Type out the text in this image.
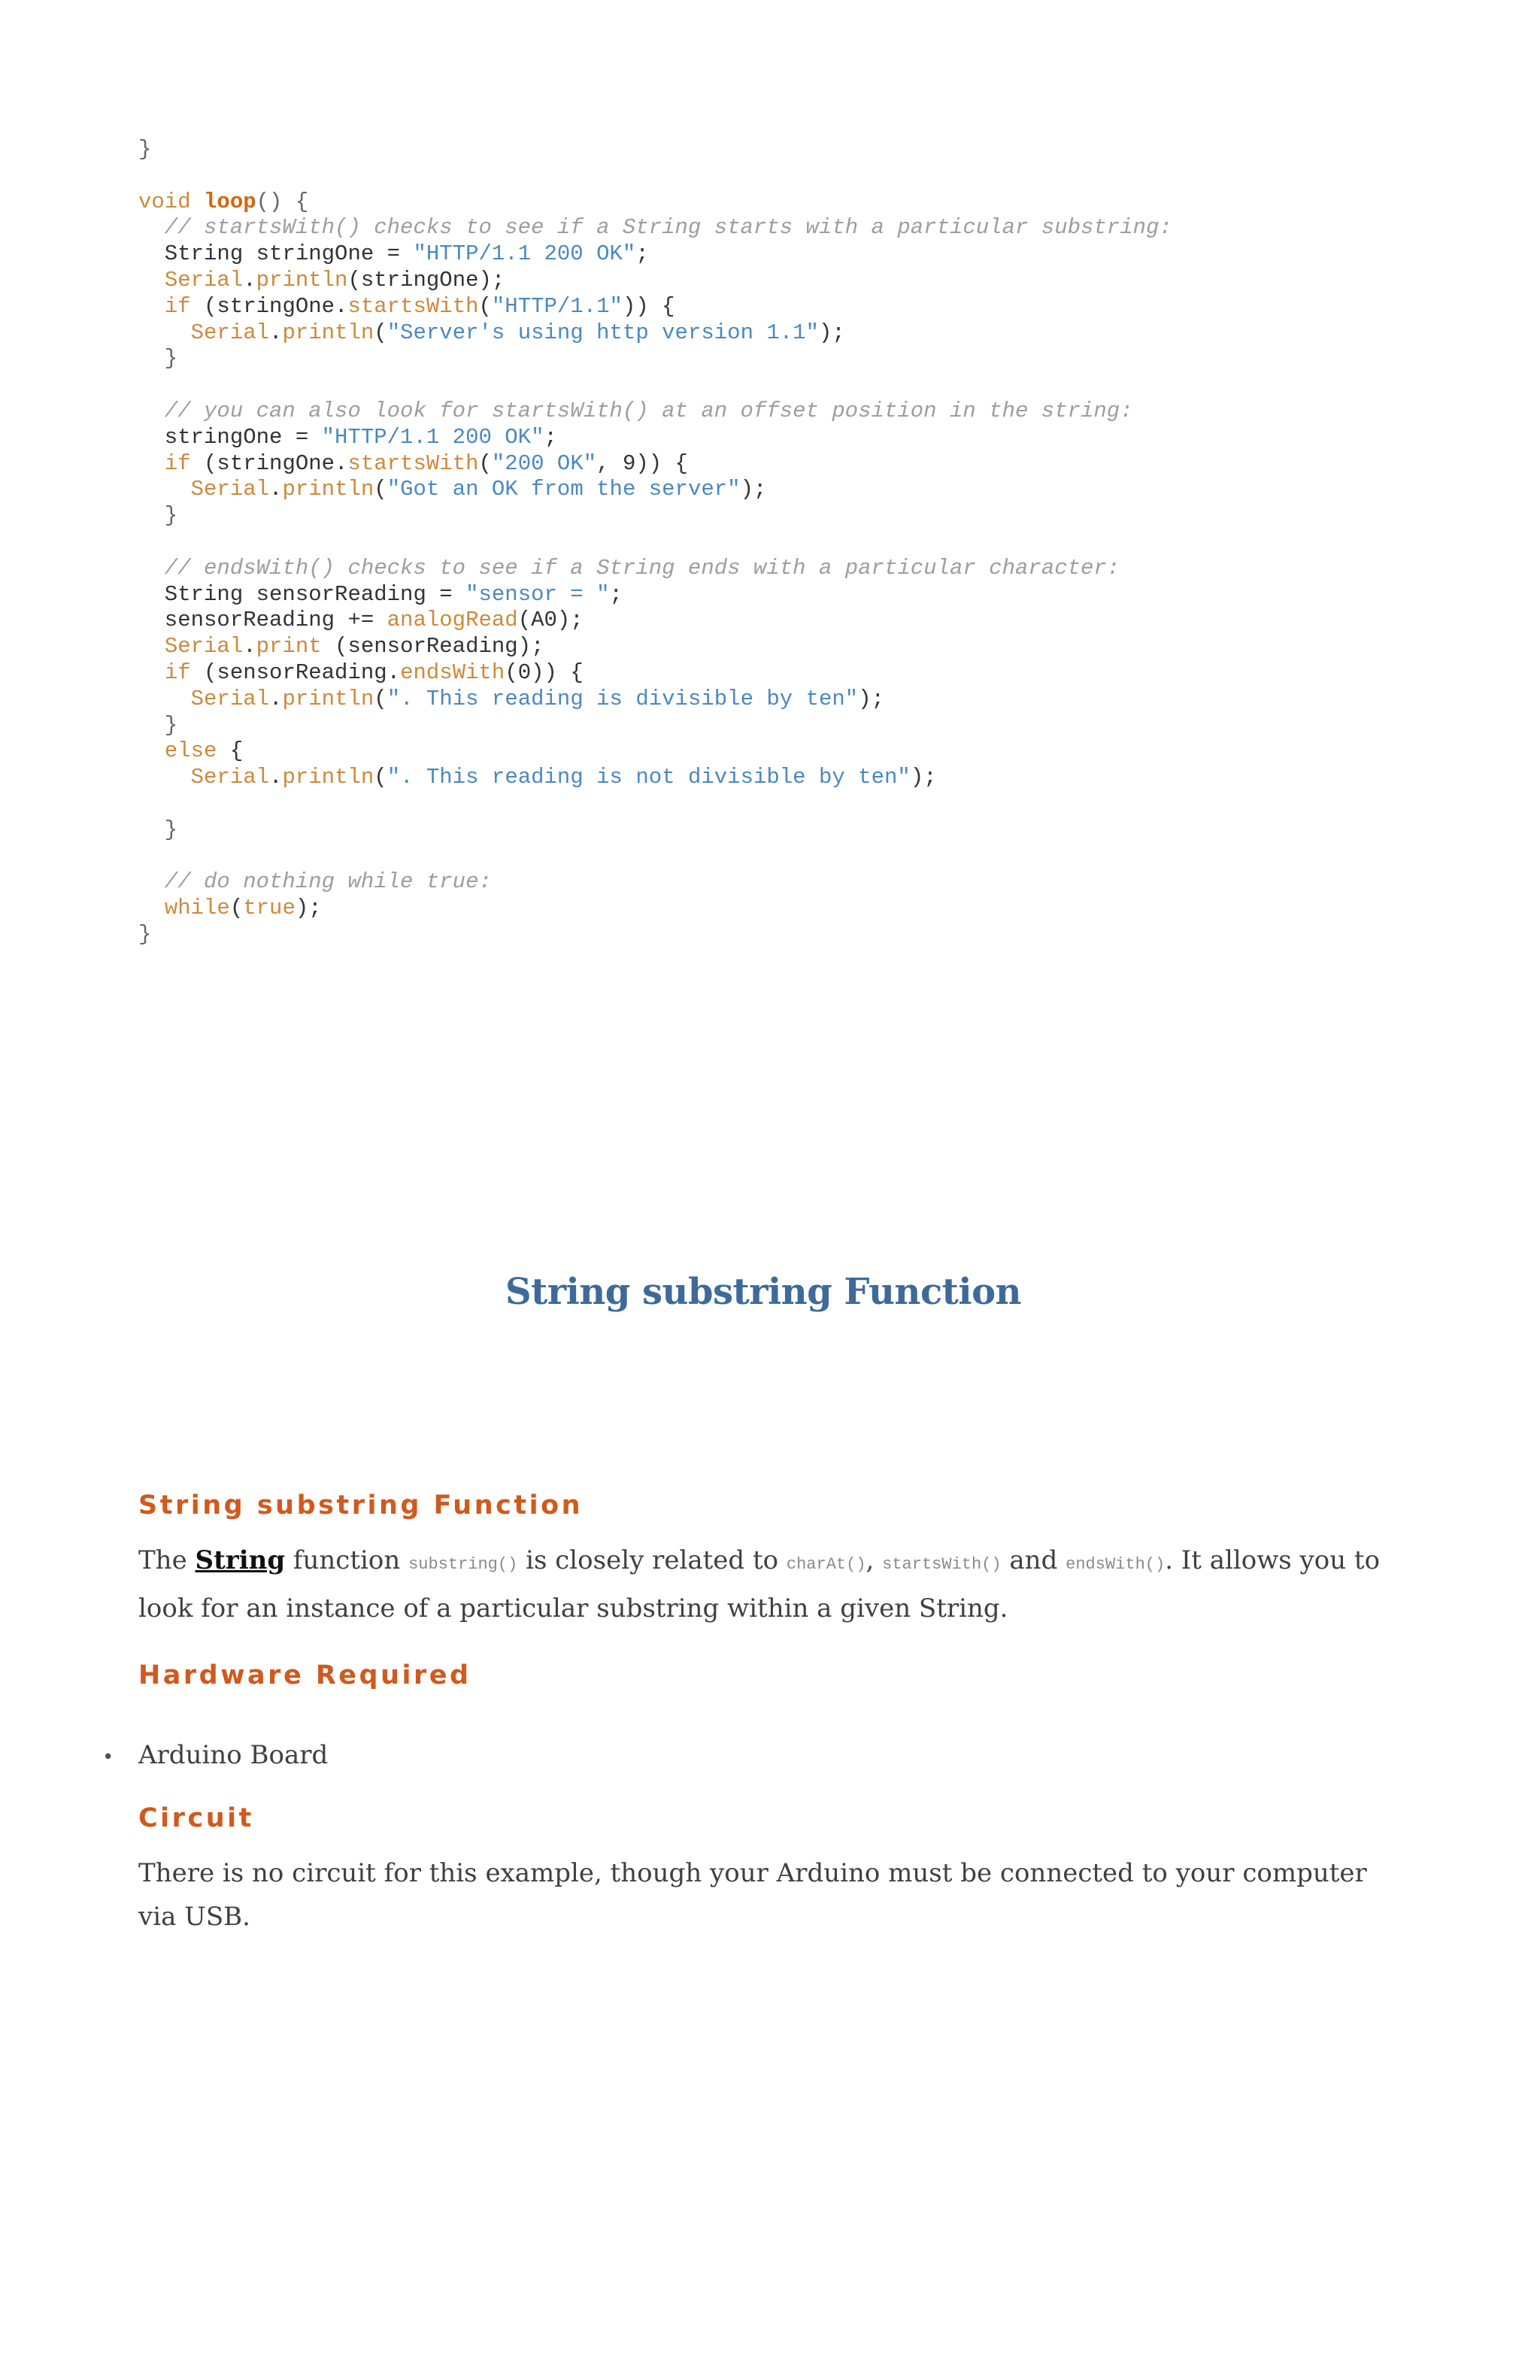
}

void loop() {
// startsWith() checks to see if a String starts with a particular substring:
String stringOne = "HTTP/1.1 200 OK";
Serial.println(stringOne);
if (stringOne.startsWith("HTTP/1.1")) {
Serial.println("Server's using http version 1.1");
}

// you can also look for startsWith() at an offset position in the string:
stringOne = "HTTP/1.1 200 OK";
if (stringOne.startsWith("200 OK", 9)) {
Serial.println("Got an OK from the server");
}

// endsWith() checks to see if a String ends with a particular character:
String sensorReading = "sensor = ";
sensorReading += analogRead(A0);
Serial.print (sensorReading);
if (sensorReading.endsWith(0)) {
Serial.println(". This reading is divisible by ten");
}
else {
Serial.println(". This reading is not divisible by ten");

}

// do nothing while true:
while(true);
}
String substring Function
String substring Function
The String function substring() is closely related to charAt(), startsWith() and endsWith(). It allows you to look for an instance of a particular substring within a given String.
Hardware Required
• Arduino Board
Circuit
There is no circuit for this example, though your Arduino must be connected to your computer via USB.
